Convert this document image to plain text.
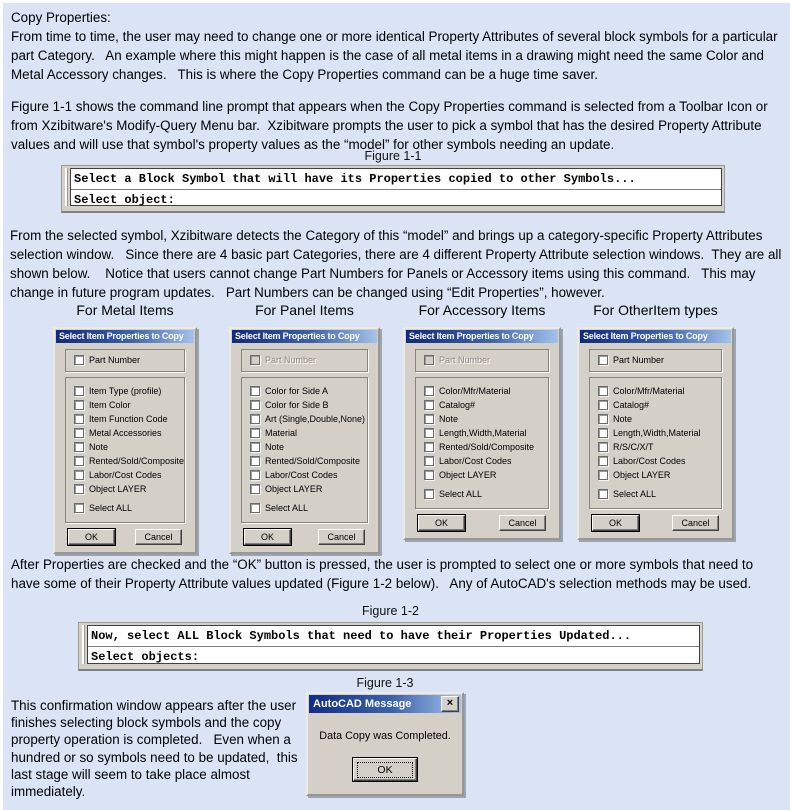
Copy Properties:
From time to time, the user may need to change one or more identical Property Attributes of several block symbols for a particular part Category.   An example where this might happen is the case of all metal items in a drawing might need the same Color and Metal Accessory changes.   This is where the Copy Properties command can be a huge time saver.
Figure 1-1 shows the command line prompt that appears when the Copy Properties command is selected from a Toolbar Icon or from Xzibitware's Modify-Query Menu bar.  Xzibitware prompts the user to pick a symbol that has the desired Property Attribute values and will use that symbol's property values as the “model” for other symbols needing an update.
Figure 1-1
Select a Block Symbol that will have its Properties copied to other Symbols...
Select object:
From the selected symbol, Xzibitware detects the Category of this “model” and brings up a category-specific Property Attributes selection window.   Since there are 4 basic part Categories, there are 4 different Property Attribute selection windows.  They are all shown below.    Notice that users cannot change Part Numbers for Panels or Accessory items using this command.   This may change in future program updates.   Part Numbers can be changed using “Edit Properties”, however.
For Metal Items
Select Item Properties to Copy
Part Number
Item Type (profile)
Item Color
Item Function Code
Metal Accessories
Note
Rented/Sold/Composite
Labor/Cost Codes
Object LAYER
Select ALL
OK	Cancel
For Panel Items
Select Item Properties to Copy
Part Number
Color for Side A
Color for Side B
Art (Single,Double,None)
Material
Note
Rented/Sold/Composite
Labor/Cost Codes
Object LAYER
Select ALL
OK	Cancel
For Accessory Items
Select Item Properties to Copy
Part Number
Color/Mfr/Material
Catalog#
Note
Length,Width,Material
Rented/Sold/Composite
Labor/Cost Codes
Object LAYER
Select ALL
OK	Cancel
For OtherItem types
Select Item Properties to Copy
Part Number
Color/Mfr/Material
Catalog#
Note
Length,Width,Material
R/S/C/X/T
Labor/Cost Codes
Object LAYER
Select ALL
OK	Cancel
After Properties are checked and the “OK” button is pressed, the user is prompted to select one or more symbols that need to have some of their Property Attribute values updated (Figure 1-2 below).   Any of AutoCAD's selection methods may be used.
Figure 1-2
Now, select ALL Block Symbols that need to have their Properties Updated...
Select objects:
Figure 1-3
This confirmation window appears after the user finishes selecting block symbols and the copy property operation is completed.   Even when a hundred or so symbols need to be updated,  this last stage will seem to take place almost immediately.
AutoCAD Message	×
Data Copy was Completed.
OK
